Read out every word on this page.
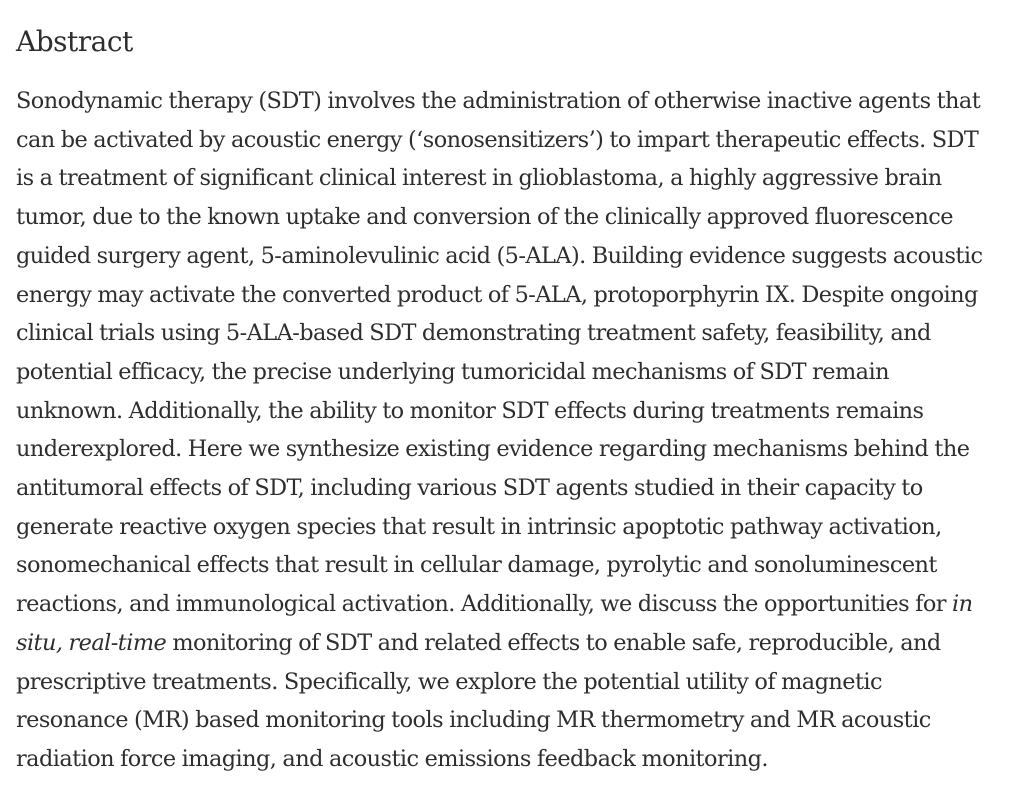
Abstract
Sonodynamic therapy (SDT) involves the administration of otherwise inactive agents that
can be activated by acoustic energy (‘sonosensitizers’) to impart therapeutic effects. SDT
is a treatment of significant clinical interest in glioblastoma, a highly aggressive brain
tumor, due to the known uptake and conversion of the clinically approved fluorescence
guided surgery agent, 5-aminolevulinic acid (5-ALA). Building evidence suggests acoustic
energy may activate the converted product of 5-ALA, protoporphyrin IX. Despite ongoing
clinical trials using 5-ALA-based SDT demonstrating treatment safety, feasibility, and
potential efficacy, the precise underlying tumoricidal mechanisms of SDT remain
unknown. Additionally, the ability to monitor SDT effects during treatments remains
underexplored. Here we synthesize existing evidence regarding mechanisms behind the
antitumoral effects of SDT, including various SDT agents studied in their capacity to
generate reactive oxygen species that result in intrinsic apoptotic pathway activation,
sonomechanical effects that result in cellular damage, pyrolytic and sonoluminescent
reactions, and immunological activation. Additionally, we discuss the opportunities for in
situ, real-time monitoring of SDT and related effects to enable safe, reproducible, and
prescriptive treatments. Specifically, we explore the potential utility of magnetic
resonance (MR) based monitoring tools including MR thermometry and MR acoustic
radiation force imaging, and acoustic emissions feedback monitoring.
